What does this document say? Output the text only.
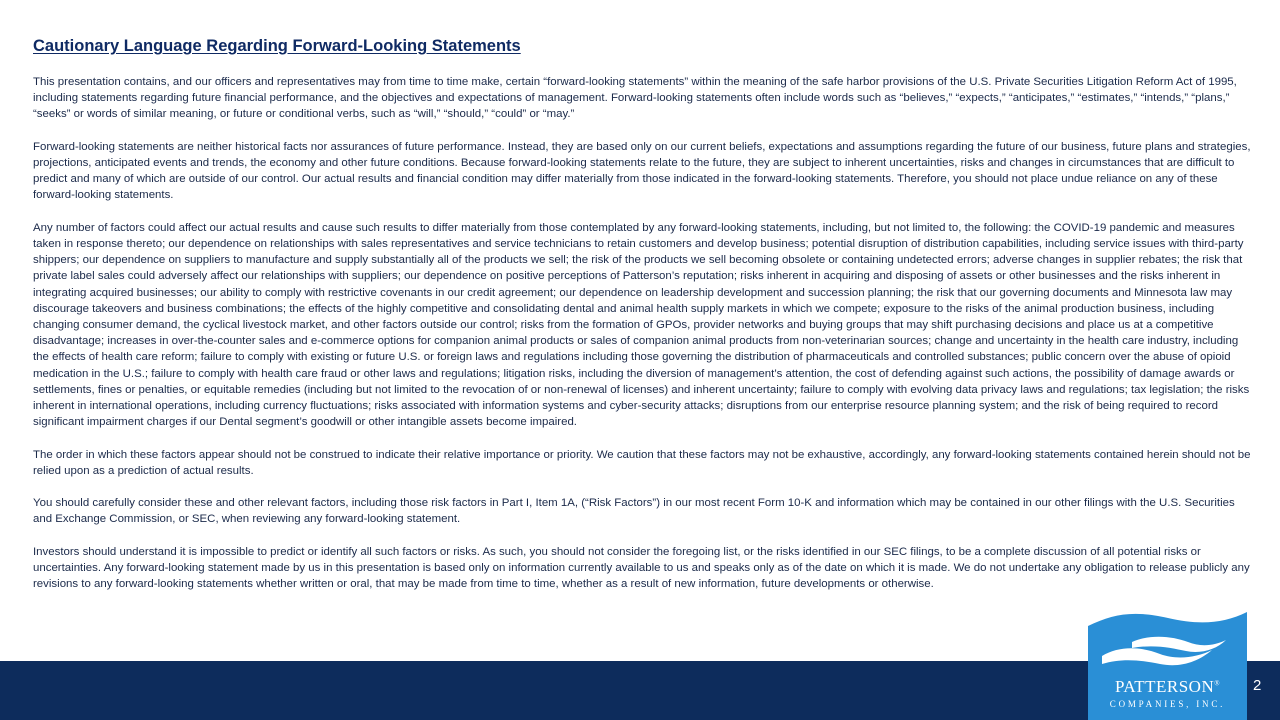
Cautionary Language Regarding Forward-Looking Statements

This presentation contains, and our officers and representatives may from time to time make, certain “forward-looking statements” within the meaning of the safe harbor provisions of the U.S. Private Securities Litigation Reform Act of 1995, including statements regarding future financial performance, and the objectives and expectations of management. Forward-looking statements often include words such as “believes,” “expects,” “anticipates,” “estimates,” “intends,” “plans,” “seeks” or words of similar meaning, or future or conditional verbs, such as “will,” “should,” “could” or “may.”

Forward-looking statements are neither historical facts nor assurances of future performance. Instead, they are based only on our current beliefs, expectations and assumptions regarding the future of our business, future plans and strategies, projections, anticipated events and trends, the economy and other future conditions. Because forward-looking statements relate to the future, they are subject to inherent uncertainties, risks and changes in circumstances that are difficult to predict and many of which are outside of our control. Our actual results and financial condition may differ materially from those indicated in the forward-looking statements. Therefore, you should not place undue reliance on any of these forward-looking statements.

Any number of factors could affect our actual results and cause such results to differ materially from those contemplated by any forward-looking statements, including, but not limited to, the following: the COVID-19 pandemic and measures taken in response thereto; our dependence on relationships with sales representatives and service technicians to retain customers and develop business; potential disruption of distribution capabilities, including service issues with third-party shippers; our dependence on suppliers to manufacture and supply substantially all of the products we sell; the risk of the products we sell becoming obsolete or containing undetected errors; adverse changes in supplier rebates; the risk that private label sales could adversely affect our relationships with suppliers; our dependence on positive perceptions of Patterson’s reputation; risks inherent in acquiring and disposing of assets or other businesses and the risks inherent in integrating acquired businesses; our ability to comply with restrictive covenants in our credit agreement; our dependence on leadership development and succession planning; the risk that our governing documents and Minnesota law may discourage takeovers and business combinations; the effects of the highly competitive and consolidating dental and animal health supply markets in which we compete; exposure to the risks of the animal production business, including changing consumer demand, the cyclical livestock market, and other factors outside our control; risks from the formation of GPOs, provider networks and buying groups that may shift purchasing decisions and place us at a competitive disadvantage; increases in over-the-counter sales and e-commerce options for companion animal products or sales of companion animal products from non-veterinarian sources; change and uncertainty in the health care industry, including the effects of health care reform; failure to comply with existing or future U.S. or foreign laws and regulations including those governing the distribution of pharmaceuticals and controlled substances; public concern over the abuse of opioid medication in the U.S.; failure to comply with health care fraud or other laws and regulations; litigation risks, including the diversion of management’s attention, the cost of defending against such actions, the possibility of damage awards or settlements, fines or penalties, or equitable remedies (including but not limited to the revocation of or non-renewal of licenses) and inherent uncertainty; failure to comply with evolving data privacy laws and regulations; tax legislation; the risks inherent in international operations, including currency fluctuations; risks associated with information systems and cyber-security attacks; disruptions from our enterprise resource planning system; and the risk of being required to record significant impairment charges if our Dental segment’s goodwill or other intangible assets become impaired.

The order in which these factors appear should not be construed to indicate their relative importance or priority. We caution that these factors may not be exhaustive, accordingly, any forward-looking statements contained herein should not be relied upon as a prediction of actual results.

You should carefully consider these and other relevant factors, including those risk factors in Part I, Item 1A, (“Risk Factors”) in our most recent Form 10-K and information which may be contained in our other filings with the U.S. Securities and Exchange Commission, or SEC, when reviewing any forward-looking statement.

Investors should understand it is impossible to predict or identify all such factors or risks. As such, you should not consider the foregoing list, or the risks identified in our SEC filings, to be a complete discussion of all potential risks or uncertainties. Any forward-looking statement made by us in this presentation is based only on information currently available to us and speaks only as of the date on which it is made. We do not undertake any obligation to release publicly any revisions to any forward-looking statements whether written or oral, that may be made from time to time, whether as a result of new information, future developments or otherwise.

PATTERSON®
COMPANIES, INC.
2
